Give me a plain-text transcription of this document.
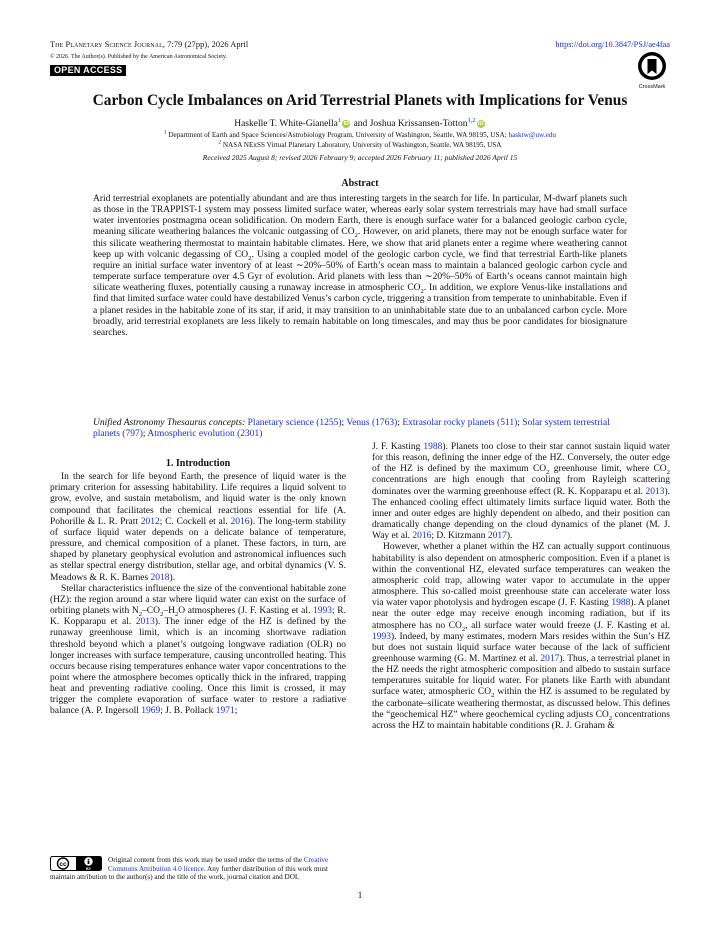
The Planetary Science Journal, 7:79 (27pp), 2026 April
© 2026. The Author(s). Published by the American Astronomical Society.
OPEN ACCESS
https://doi.org/10.3847/PSJ/ae4faa
CrossMark
Carbon Cycle Imbalances on Arid Terrestrial Planets with Implications for Venus
Haskelle T. White-Gianella$^1$iD and Joshua Krissansen-Totton$^{1,2}$iD
$^1$ Department of Earth and Space Sciences/Astrobiology Program, University of Washington, Seattle, WA 98195, USA; hasktw@uw.edu
$^2$ NASA NExSS Virtual Planetary Laboratory, University of Washington, Seattle, WA 98195, USA
Received 2025 August 8; revised 2026 February 9; accepted 2026 February 11; published 2026 April 15
Abstract
Arid terrestrial exoplanets are potentially abundant and are thus interesting targets in the search for life. In particular, M-dwarf planets such as those in the TRAPPIST-1 system may possess limited surface water, whereas early solar system terrestrials may have had small surface water inventories postmagma ocean solidification. On modern Earth, there is enough surface water for a balanced geologic carbon cycle, meaning silicate weathering balances the volcanic outgassing of $CO_2$. However, on arid planets, there may not be enough surface water for this silicate weathering thermostat to maintain habitable climates. Here, we show that arid planets enter a regime where weathering cannot keep up with volcanic degassing of $CO_2$. Using a coupled model of the geologic carbon cycle, we find that terrestrial Earth-like planets require an initial surface water inventory of at least ∼20%–50% of Earth’s ocean mass to maintain a balanced geologic carbon cycle and temperate surface temperature over 4.5 Gyr of evolution. Arid planets with less than ∼20%–50% of Earth’s oceans cannot maintain high silicate weathering fluxes, potentially causing a runaway increase in atmospheric $CO_2$. In addition, we explore Venus-like installations and find that limited surface water could have destabilized Venus’s carbon cycle, triggering a transition from temperate to uninhabitable. Even if a planet resides in the habitable zone of its star, if arid, it may transition to an uninhabitable state due to an unbalanced carbon cycle. More broadly, arid terrestrial exoplanets are less likely to remain habitable on long timescales, and may thus be poor candidates for biosignature searches.
Unified Astronomy Thesaurus concepts: Planetary science (1255); Venus (1763); Extrasolar rocky planets (511); Solar system terrestrial planets (797); Atmospheric evolution (2301)
1. Introduction

In the search for life beyond Earth, the presence of liquid water is the primary criterion for assessing habitability. Life requires a liquid solvent to grow, evolve, and sustain metabolism, and liquid water is the only known compound that facilitates the chemical reactions essential for life (A. Pohorille & L. R. Pratt 2012; C. Cockell et al. 2016). The long-term stability of surface liquid water depends on a delicate balance of temperature, pressure, and chemical composition of a planet. These factors, in turn, are shaped by planetary geophysical evolution and astronomical influences such as stellar spectral energy distribution, stellar age, and orbital dynamics (V. S. Meadows & R. K. Barnes 2018).

Stellar characteristics influence the size of the conventional habitable zone (HZ): the region around a star where liquid water can exist on the surface of orbiting planets with $N_2-CO_2-H_2O$ atmospheres (J. F. Kasting et al. 1993; R. K. Kopparapu et al. 2013). The inner edge of the HZ is defined by the runaway greenhouse limit, which is an incoming shortwave radiation threshold beyond which a planet’s outgoing longwave radiation (OLR) no longer increases with surface temperature, causing uncontrolled heating. This occurs because rising temperatures enhance water vapor concentrations to the point where the atmosphere becomes optically thick in the infrared, trapping heat and preventing radiative cooling. Once this limit is crossed, it may trigger the complete evaporation of surface water to restore a radiative balance (A. P. Ingersoll 1969; J. B. Pollack 1971;

J. F. Kasting 1988). Planets too close to their star cannot sustain liquid water for this reason, defining the inner edge of the HZ. Conversely, the outer edge of the HZ is defined by the maximum $CO_2$ greenhouse limit, where $CO_2$ concentrations are high enough that cooling from Rayleigh scattering dominates over the warming greenhouse effect (R. K. Kopparapu et al. 2013). The enhanced cooling effect ultimately limits surface liquid water. Both the inner and outer edges are highly dependent on albedo, and their position can dramatically change depending on the cloud dynamics of the planet (M. J. Way et al. 2016; D. Kitzmann 2017).

However, whether a planet within the HZ can actually support continuous habitability is also dependent on atmospheric composition. Even if a planet is within the conventional HZ, elevated surface temperatures can weaken the atmospheric cold trap, allowing water vapor to accumulate in the upper atmosphere. This so-called moist greenhouse state can accelerate water loss via water vapor photolysis and hydrogen escape (J. F. Kasting 1988). A planet near the outer edge may receive enough incoming radiation, but if its atmosphere has no $CO_2$, all surface water would freeze (J. F. Kasting et al. 1993). Indeed, by many estimates, modern Mars resides within the Sun’s HZ but does not sustain liquid surface water because of the lack of sufficient greenhouse warming (G. M. Martínez et al. 2017). Thus, a terrestrial planet in the HZ needs the right atmospheric composition and albedo to sustain surface temperatures suitable for liquid water. For planets like Earth with abundant surface water, atmospheric $CO_2$ within the HZ is assumed to be regulated by the carbonate–silicate weathering thermostat, as discussed below. This defines the “geochemical HZ” where geochemical cycling adjusts $CO_2$ concentrations across the HZ to maintain habitable conditions (R. J. Graham &

cc
BY
Original content from this work may be used under the terms of the Creative Commons Attribution 4.0 licence. Any further distribution of this work must maintain attribution to the author(s) and the title of the work, journal citation and DOI.
1
